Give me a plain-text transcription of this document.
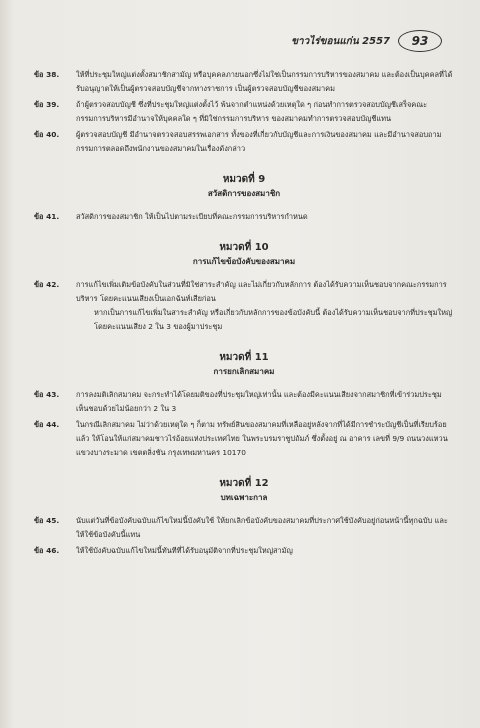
ขาวไร่ขอนแก่น 2557	93
ข้อ 38.	ให้ที่ประชุมใหญ่แต่งตั้งสมาชิกสามัญ หรือบุคคลภายนอกซึ่งไม่ใช่เป็นกรรมการบริหารของสมาคม และต้องเป็นบุคคลที่ได้รับอนุญาตให้เป็นผู้ตรวจสอบบัญชีจากทางราชการ เป็นผู้ตรวจสอบบัญชีของสมาคม
ข้อ 39.	ถ้าผู้ตรวจสอบบัญชี ซึ่งที่ประชุมใหญ่แต่งตั้งไว้ พ้นจากตำแหน่งด้วยเหตุใด ๆ ก่อนทำการตรวจสอบบัญชีเสร็จคณะกรรมการบริหารมีอำนาจให้บุคคลใด ๆ ที่มิใช่กรรมการบริหาร ของสมาคมทำการตรวจสอบบัญชีแทน
ข้อ 40.	ผู้ตรวจสอบบัญชี มีอำนาจตรวจสอบสรรพเอกสาร ทั้งของที่เกี่ยวกับบัญชีและการเงินของสมาคม และมีอำนาจสอบถามกรรมการตลอดถึงพนักงานของสมาคมในเรื่องดังกล่าว
หมวดที่ 9
สวัสดิการของสมาชิก
ข้อ 41.	สวัสดิการของสมาชิก ให้เป็นไปตามระเบียบที่คณะกรรมการบริหารกำหนด
หมวดที่ 10
การแก้ไขข้อบังคับของสมาคม
ข้อ 42.	การแก้ไขเพิ่มเติมข้อบังคับในส่วนที่มิใช่สาระสำคัญ และไม่เกี่ยวกับหลักการ ต้องได้รับความเห็นชอบจากคณะกรรมการบริหาร โดยคะแนนเสียงเป็นเอกฉันท์เสียก่อน
หากเป็นการแก้ไขเพิ่มในสาระสำคัญ หรือเกี่ยวกับหลักการของข้อบังคับนี้ ต้องได้รับความเห็นชอบจากที่ประชุมใหญ่ โดยคะแนนเสียง 2 ใน 3 ของผู้มาประชุม
หมวดที่ 11
การยกเลิกสมาคม
ข้อ 43.	การลงมติเลิกสมาคม จะกระทำได้โดยมติของที่ประชุมใหญ่เท่านั้น และต้องมีคะแนนเสียงจากสมาชิกที่เข้าร่วมประชุมเห็นชอบด้วยไม่น้อยกว่า 2 ใน 3
ข้อ 44.	ในกรณีเลิกสมาคม ไม่ว่าด้วยเหตุใด ๆ ก็ตาม ทรัพย์สินของสมาคมที่เหลืออยู่หลังจากที่ได้มีการชำระบัญชีเป็นที่เรียบร้อยแล้ว ให้โอนให้แก่สมาคมชาวไร่อ้อยแห่งประเทศไทย ในพระบรมราชูปถัมภ์ ซึ่งตั้งอยู่ ณ อาคาร เลขที่ 9/9 ถนนวงแหวนแขวงบางระมาด เขตตลิ่งชัน กรุงเทพมหานคร 10170
หมวดที่ 12
บทเฉพาะกาล
ข้อ 45.	นับแต่วันที่ข้อบังคับฉบับแก้ไขใหม่นี้บังคับใช้ ให้ยกเลิกข้อบังคับของสมาคมที่ประกาศใช้บังคับอยู่ก่อนหน้านี้ทุกฉบับ และให้ใช้ข้อบังคับนี้แทน
ข้อ 46.	ให้ใช้บังคับฉบับแก้ไขใหม่นี้ทันทีที่ได้รับอนุมัติจากที่ประชุมใหญ่สามัญ
